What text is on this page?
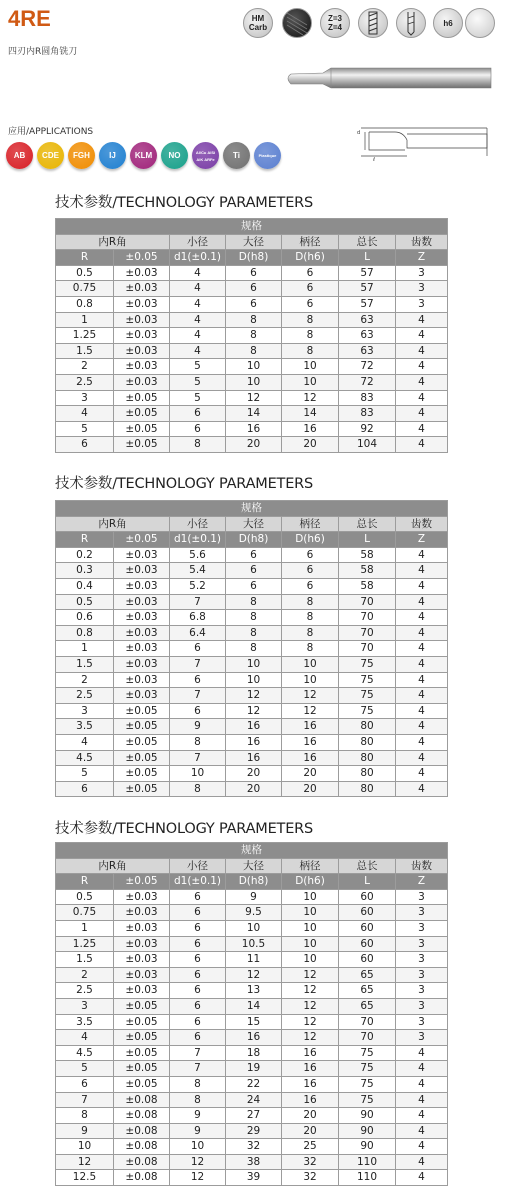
4RE
四刃内R圆角铣刀
HM Carb
Z=3 Z=4	h6
应用/APPLICATIONS
AB	CDE	FGH	IJ	KLM	NO	Al/Cu AlSi AlK ARFe	Ti	Plastique
d
ℓ
技术参数/TECHNOLOGY PARAMETERS
规格						
内R角		小径	大径	柄径	总长	齿数
R	±0.05	d1(±0.1)	D(h8)	D(h6)	L	Z
0.5	±0.03	4	6	6	57	3
0.75	±0.03	4	6	6	57	3
0.8	±0.03	4	6	6	57	3
1	±0.03	4	8	8	63	4
1.25	±0.03	4	8	8	63	4
1.5	±0.03	4	8	8	63	4
2	±0.03	5	10	10	72	4
2.5	±0.03	5	10	10	72	4
3	±0.05	5	12	12	83	4
4	±0.05	6	14	14	83	4
5	±0.05	6	16	16	92	4
6	±0.05	8	20	20	104	4
技术参数/TECHNOLOGY PARAMETERS
规格						
内R角		小径	大径	柄径	总长	齿数
R	±0.05	d1(±0.1)	D(h8)	D(h6)	L	Z
0.2	±0.03	5.6	6	6	58	4
0.3	±0.03	5.4	6	6	58	4
0.4	±0.03	5.2	6	6	58	4
0.5	±0.03	7	8	8	70	4
0.6	±0.03	6.8	8	8	70	4
0.8	±0.03	6.4	8	8	70	4
1	±0.03	6	8	8	70	4
1.5	±0.03	7	10	10	75	4
2	±0.03	6	10	10	75	4
2.5	±0.03	7	12	12	75	4
3	±0.05	6	12	12	75	4
3.5	±0.05	9	16	16	80	4
4	±0.05	8	16	16	80	4
4.5	±0.05	7	16	16	80	4
5	±0.05	10	20	20	80	4
6	±0.05	8	20	20	80	4
技术参数/TECHNOLOGY PARAMETERS
规格						
内R角		小径	大径	柄径	总长	齿数
R	±0.05	d1(±0.1)	D(h8)	D(h6)	L	Z
0.5	±0.03	6	9	10	60	3
0.75	±0.03	6	9.5	10	60	3
1	±0.03	6	10	10	60	3
1.25	±0.03	6	10.5	10	60	3
1.5	±0.03	6	11	10	60	3
2	±0.03	6	12	12	65	3
2.5	±0.03	6	13	12	65	3
3	±0.05	6	14	12	65	3
3.5	±0.05	6	15	12	70	3
4	±0.05	6	16	12	70	3
4.5	±0.05	7	18	16	75	4
5	±0.05	7	19	16	75	4
6	±0.05	8	22	16	75	4
7	±0.08	8	24	16	75	4
8	±0.08	9	27	20	90	4
9	±0.08	9	29	20	90	4
10	±0.08	10	32	25	90	4
12	±0.08	12	38	32	110	4
12.5	±0.08	12	39	32	110	4
